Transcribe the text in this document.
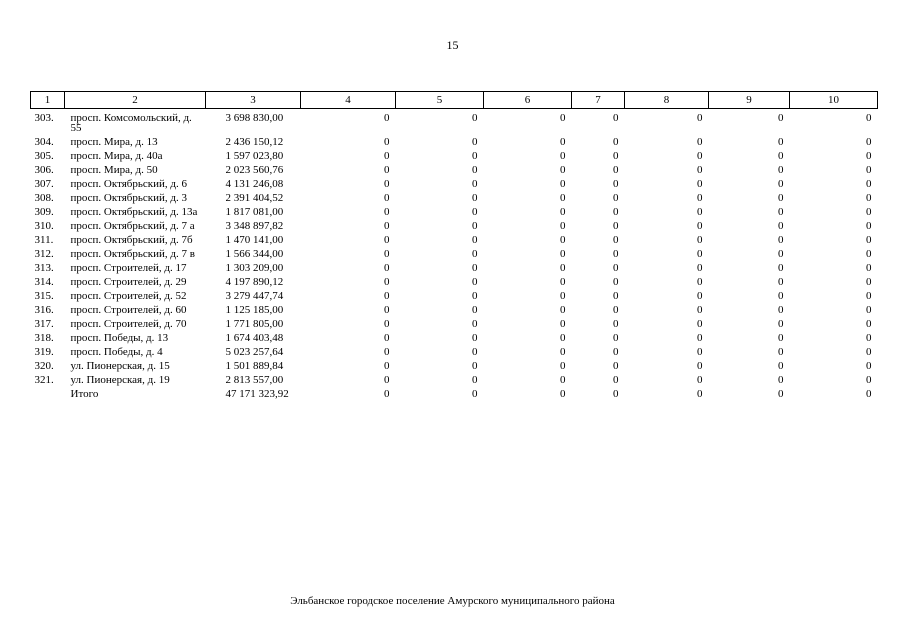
15
1	2	3	4	5	6	7	8	9	10
303.	просп. Комсомольский, д. 55	3 698 830,00	0	0	0	0	0	0	0
304.	просп. Мира, д. 13	2 436 150,12	0	0	0	0	0	0	0
305.	просп. Мира, д. 40а	1 597 023,80	0	0	0	0	0	0	0
306.	просп. Мира, д. 50	2 023 560,76	0	0	0	0	0	0	0
307.	просп. Октябрьский, д. 6	4 131 246,08	0	0	0	0	0	0	0
308.	просп. Октябрьский, д. 3	2 391 404,52	0	0	0	0	0	0	0
309.	просп. Октябрьский, д. 13а	1 817 081,00	0	0	0	0	0	0	0
310.	просп. Октябрьский, д. 7 а	3 348 897,82	0	0	0	0	0	0	0
311.	просп. Октябрьский, д. 7б	1 470 141,00	0	0	0	0	0	0	0
312.	просп. Октябрьский, д. 7 в	1 566 344,00	0	0	0	0	0	0	0
313.	просп. Строителей, д. 17	1 303 209,00	0	0	0	0	0	0	0
314.	просп. Строителей, д. 29	4 197 890,12	0	0	0	0	0	0	0
315.	просп. Строителей, д. 52	3 279 447,74	0	0	0	0	0	0	0
316.	просп. Строителей, д. 60	1 125 185,00	0	0	0	0	0	0	0
317.	просп. Строителей, д. 70	1 771 805,00	0	0	0	0	0	0	0
318.	просп. Победы, д. 13	1 674 403,48	0	0	0	0	0	0	0
319.	просп. Победы, д. 4	5 023 257,64	0	0	0	0	0	0	0
320.	ул. Пионерская, д. 15	1 501 889,84	0	0	0	0	0	0	0
321.	ул. Пионерская, д. 19	2 813 557,00	0	0	0	0	0	0	0
	Итого	47 171 323,92	0	0	0	0	0	0	0
Эльбанское городское поселение Амурского муниципального района
